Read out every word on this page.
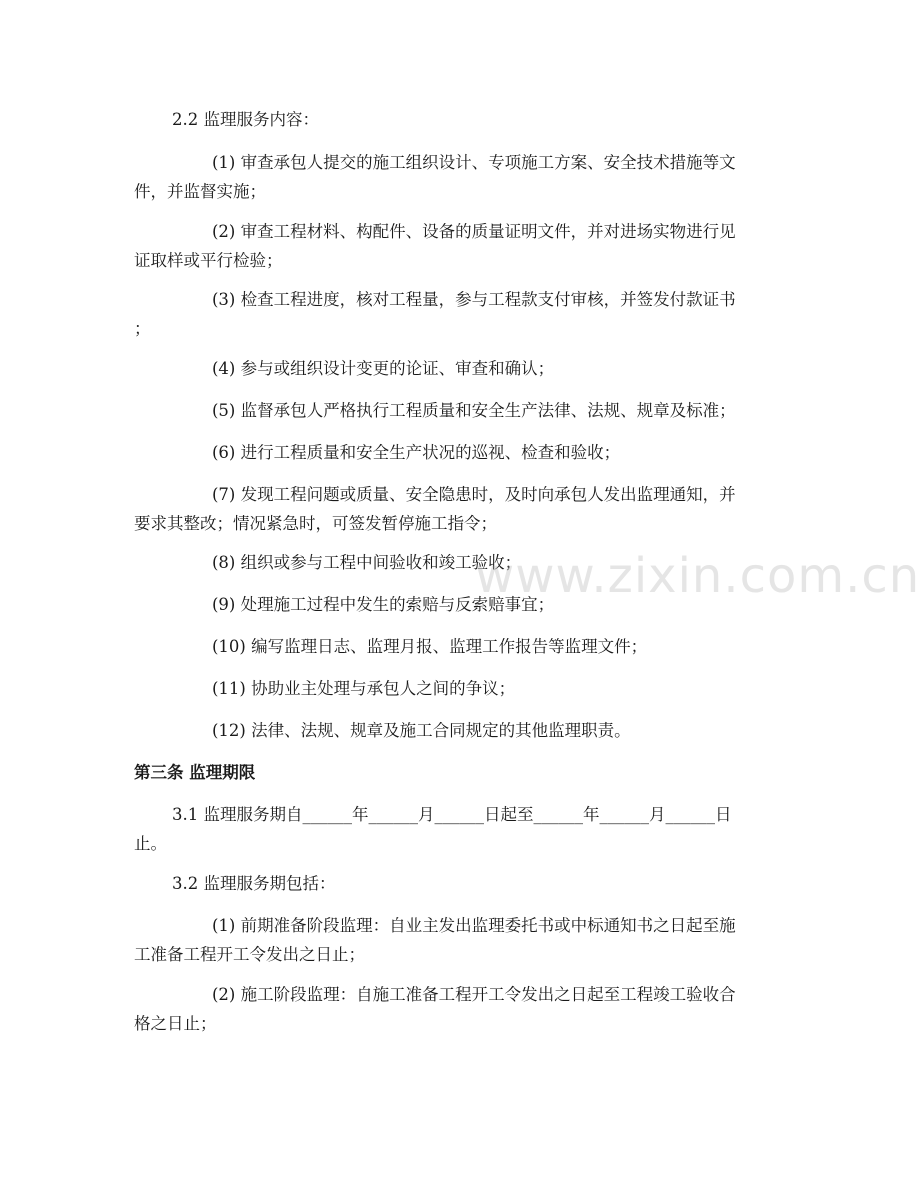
2.2 监理服务内容：
(1) 审查承包人提交的施工组织设计、专项施工方案、安全技术措施等文
件，并监督实施；
(2) 审查工程材料、构配件、设备的质量证明文件，并对进场实物进行见
证取样或平行检验；
(3) 检查工程进度，核对工程量，参与工程款支付审核，并签发付款证书
；
(4) 参与或组织设计变更的论证、审查和确认；
(5) 监督承包人严格执行工程质量和安全生产法律、法规、规章及标准；
(6) 进行工程质量和安全生产状况的巡视、检查和验收；
(7) 发现工程问题或质量、安全隐患时，及时向承包人发出监理通知，并
要求其整改；情况紧急时，可签发暂停施工指令；
(8) 组织或参与工程中间验收和竣工验收；
(9) 处理施工过程中发生的索赔与反索赔事宜；
(10) 编写监理日志、监理月报、监理工作报告等监理文件；
(11) 协助业主处理与承包人之间的争议；
(12) 法律、法规、规章及施工合同规定的其他监理职责。
第三条 监理期限
3.1 监理服务期自______年______月______日起至______年______月______日
止。
3.2 监理服务期包括：
(1) 前期准备阶段监理：自业主发出监理委托书或中标通知书之日起至施
工准备工程开工令发出之日止；
(2) 施工阶段监理：自施工准备工程开工令发出之日起至工程竣工验收合
格之日止；
www.zixin.com.cn
